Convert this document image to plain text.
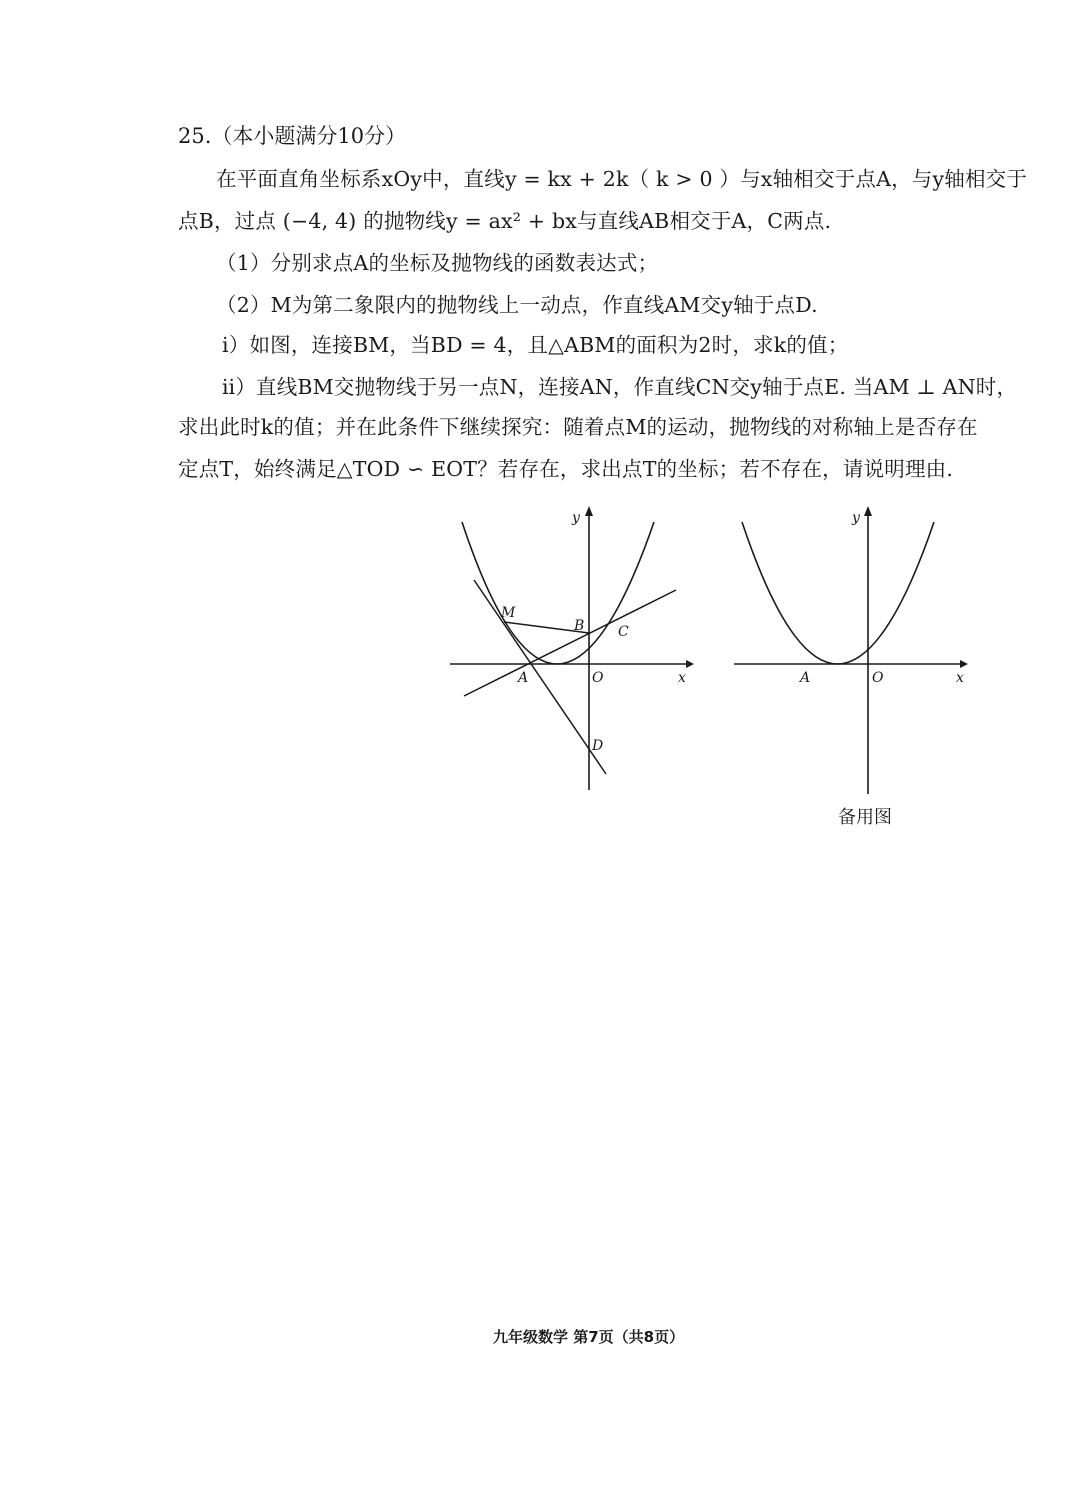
25.（本小题满分10分）
在平面直角坐标系xOy中，直线y = kx + 2k（ k > 0 ）与x轴相交于点A，与y轴相交于
点B，过点 (−4, 4) 的抛物线y = ax² + bx与直线AB相交于A，C两点.
（1）分别求点A的坐标及抛物线的函数表达式；
（2）M为第二象限内的抛物线上一动点，作直线AM交y轴于点D.
ⅰ）如图，连接BM，当BD = 4，且△ABM的面积为2时，求k的值；
ⅱ）直线BM交抛物线于另一点N，连接AN，作直线CN交y轴于点E. 当AM ⊥ AN时，
求出此时k的值；并在此条件下继续探究：随着点M的运动，抛物线的对称轴上是否存在
定点T，始终满足△TOD ∽ EOT？若存在，求出点T的坐标；若不存在，请说明理由.
y
x
A	O
B C
M
D
y
x
A	O
备用图
九年级数学 第7页（共8页）
